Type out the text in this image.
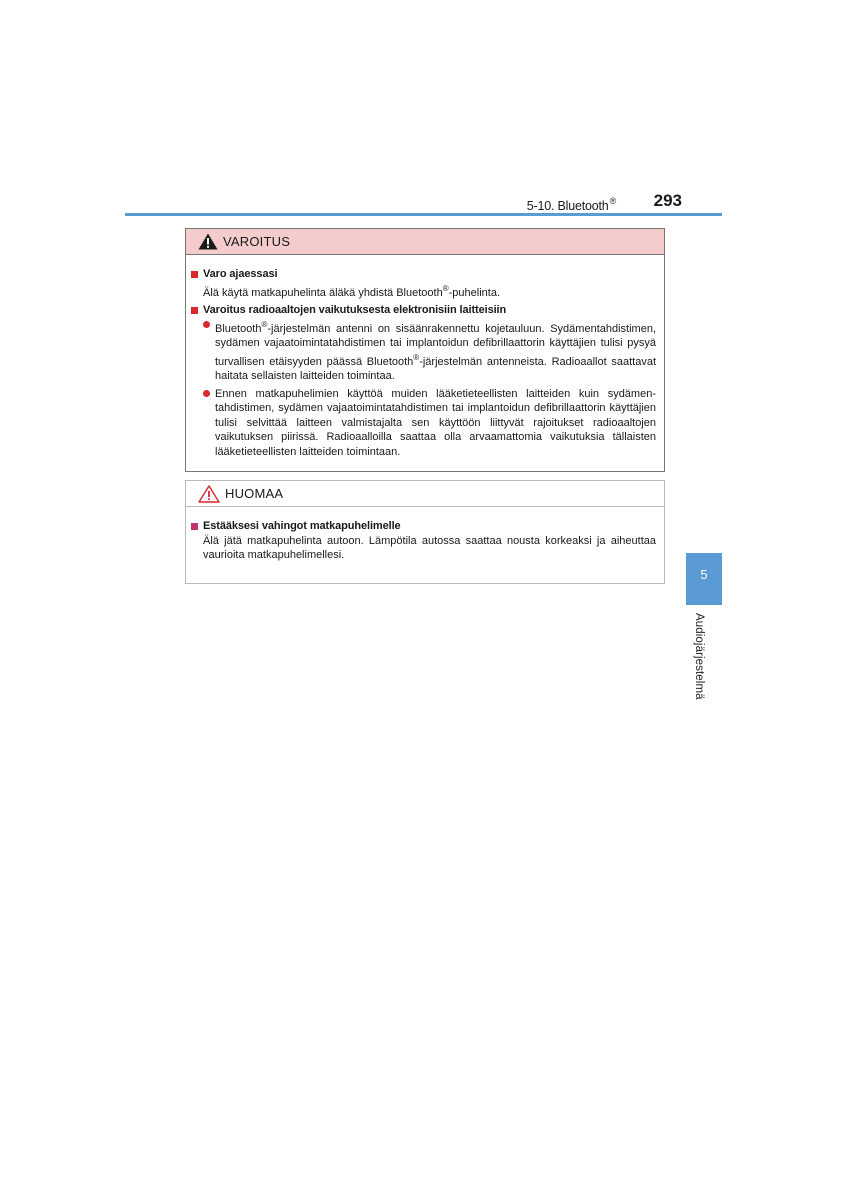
5-10. Bluetooth® 293
VAROITUS
Varo ajaessasi
Älä käytä matkapuhelinta äläkä yhdistä Bluetooth®-puhelinta.
Varoitus radioaaltojen vaikutuksesta elektronisiin laitteisiin
Bluetooth®-järjestelmän antenni on sisäänrakennettu kojetauluun. Sydämentahdistimen, sydämen vajaatoimintatahdistimen tai implantoidun defibrillaattorin käyttäjien tulisi pysyä turvallisen etäisyyden päässä Bluetooth®-järjestelmän antenneista. Radioaallot saattavat haitata sellaisten laitteiden toimintaa.
Ennen matkapuhelimien käyttöä muiden lääketieteellisten laitteiden kuin sydämentahdistimen, sydämen vajaatoimintatahdistimen tai implantoidun defibrillaattorin käyttäjien tulisi selvittää laitteen valmistajalta sen käyttöön liittyvät rajoitukset radioaaltojen vaikutuksen piirissä. Radioaalloilla saattaa olla arvaamattomia vaikutuksia tällaisten lääketieteellisten laitteiden toimintaan.
HUOMAA
Estääksesi vahingot matkapuhelimelle
Älä jätä matkapuhelinta autoon. Lämpötila autossa saattaa nousta korkeaksi ja aiheuttaa vaurioita matkapuhelimellesi.
5
Audiojärjestelmä
